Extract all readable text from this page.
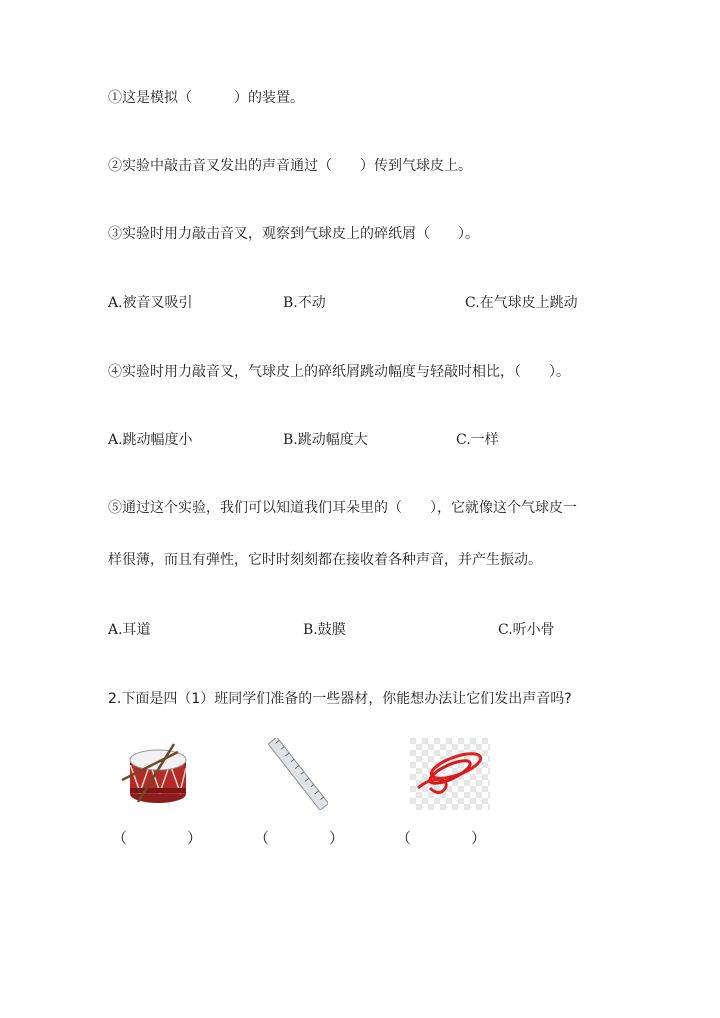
①这是模拟（　　　）的装置。
②实验中敲击音叉发出的声音通过（　　）传到气球皮上。
③实验时用力敲击音叉，观察到气球皮上的碎纸屑（　　）。
A.被音叉吸引	B.不动	C.在气球皮上跳动
④实验时用力敲音叉，气球皮上的碎纸屑跳动幅度与轻敲时相比，（　　）。
A.跳动幅度小	B.跳动幅度大	C.一样
⑤通过这个实验，我们可以知道我们耳朵里的（　　），它就像这个气球皮一
样很薄，而且有弹性，它时时刻刻都在接收着各种声音，并产生振动。
A.耳道	B.鼓膜	C.听小骨
2.下面是四（1）班同学们准备的一些器材，你能想办法让它们发出声音吗?
（　　　　）	（　　　　）	（　　　　）
